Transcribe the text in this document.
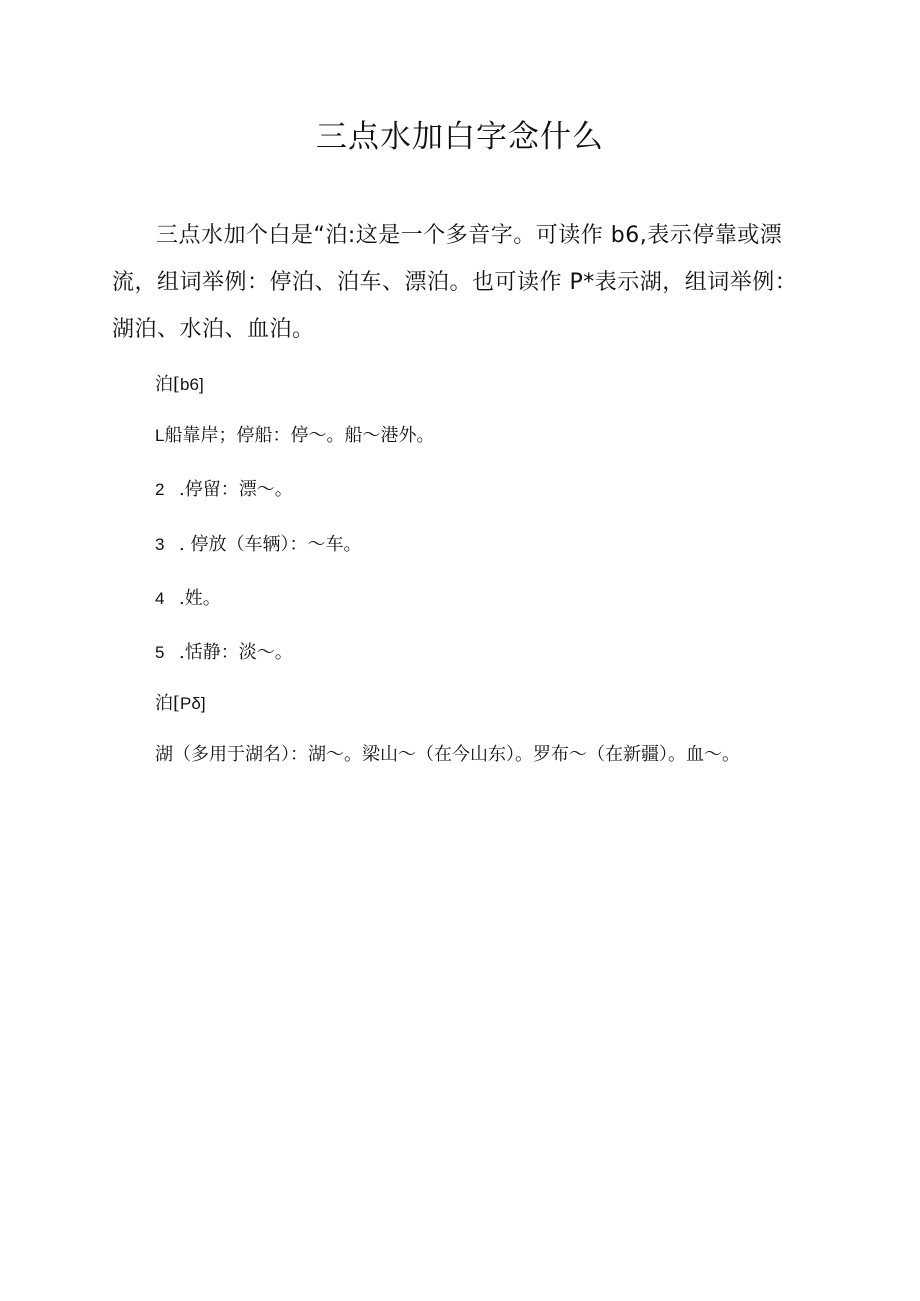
三点水加白字念什么

三点水加个白是“泊:这是一个多音字。可读作 b6,表示停靠或漂流，组词举例：停泊、泊车、漂泊。也可读作 P*表示湖，组词举例：湖泊、水泊、血泊。

泊[b6]

L船靠岸；停船：停～。船～港外。

2 .停留：漂～。

3 . 停放（车辆）：～车。

4 .姓。

5 .恬静：淡～。

泊[Pδ]

湖（多用于湖名）：湖～。梁山～（在今山东）。罗布～（在新疆）。血～。
